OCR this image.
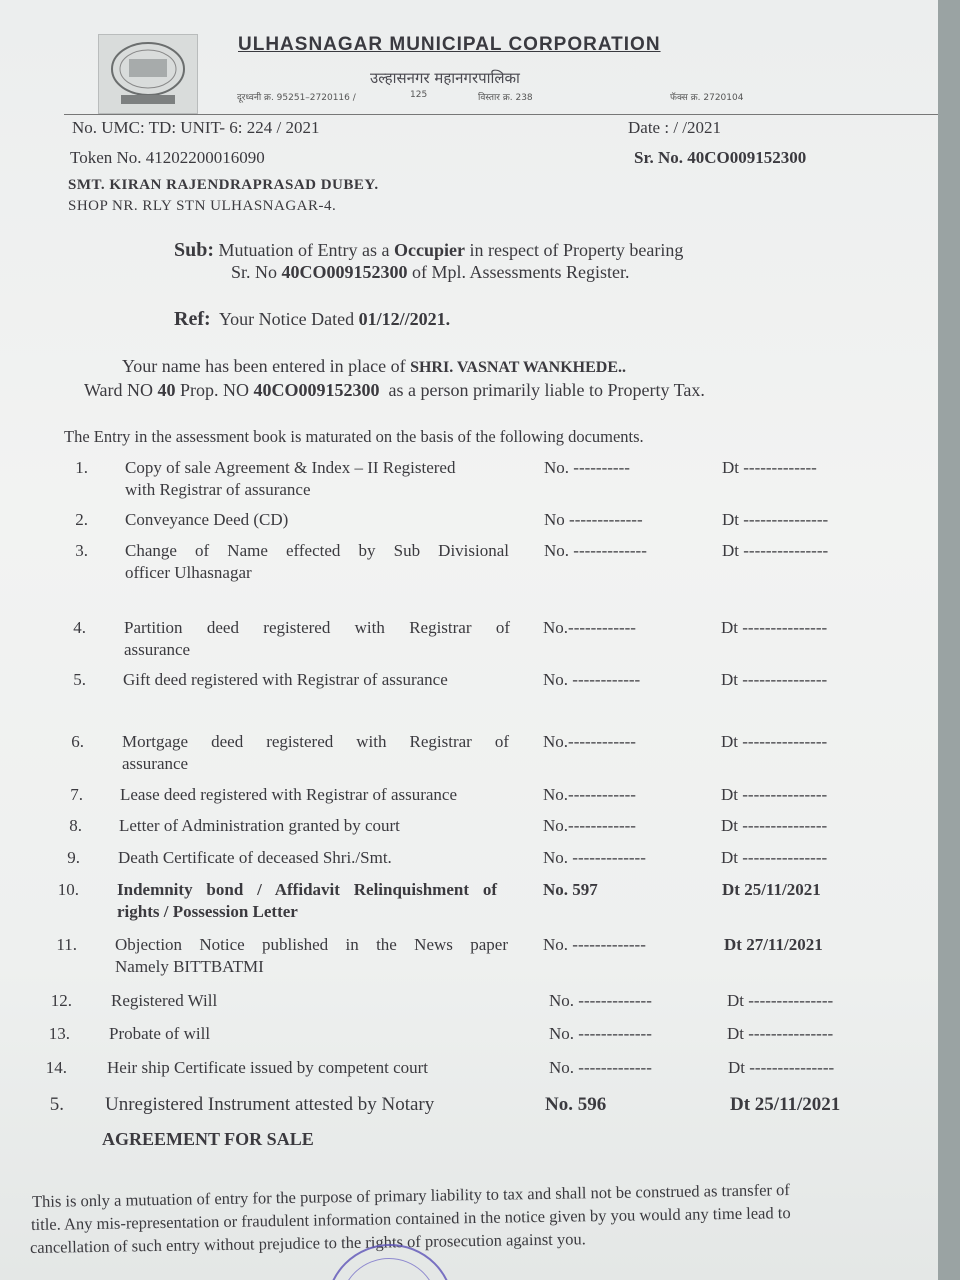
ULHASNAGAR MUNICIPAL CORPORATION
उल्हासनगर महानगरपालिका
दूरध्वनी क्र. 95251–2720116 /	125	विस्तार क्र. 238	फॅक्स क्र. 2720104
No. UMC: TD: UNIT- 6: 224 / 2021	Date : / /2021
Token No. 41202200016090	Sr. No. 40CO009152300
SMT. KIRAN RAJENDRAPRASAD DUBEY.
SHOP NR. RLY STN ULHASNAGAR-4.
Sub: Mutuation of Entry as a Occupier in respect of Property bearing
Sr. No 40CO009152300 of Mpl. Assessments Register.
Ref: Your Notice Dated 01/12//2021.
Your name has been entered in place of SHRI. VASNAT WANKHEDE..
Ward NO 40 Prop. NO 40CO009152300 as a person primarily liable to Property Tax.
The Entry in the assessment book is maturated on the basis of the following documents.
AGREEMENT FOR SALE
This is only a mutuation of entry for the purpose of primary liability to tax and shall not be construed as transfer of
title. Any mis-representation or fraudulent information contained in the notice given by you would any time lead to
cancellation of such entry without prejudice to the rights of prosecution against you.
1. Copy of sale Agreement & Index – II Registered
with Registrar of assurance
No. ----------	Dt -------------
2. Conveyance Deed (CD)	No -------------	Dt ---------------
3. Change of Name effected by Sub Divisional
officer Ulhasnagar
No. -------------	Dt ---------------
4. Partition deed registered with Registrar of
assurance
No.------------	Dt ---------------
5. Gift deed registered with Registrar of assurance	No. ------------	Dt ---------------
6. Mortgage deed registered with Registrar of
assurance
No.------------	Dt ---------------
7. Lease deed registered with Registrar of assurance	No.------------	Dt ---------------
8. Letter of Administration granted by court	No.------------	Dt ---------------
9. Death Certificate of deceased Shri./Smt.	No. -------------	Dt ---------------
10. Indemnity bond / Affidavit Relinquishment of
rights / Possession Letter
No. 597	Dt 25/11/2021
11. Objection Notice published in the News paper
Namely BITTBATMI
No. -------------	Dt 27/11/2021
12. Registered Will	No. -------------	Dt ---------------
13. Probate of will	No. -------------	Dt ---------------
14. Heir ship Certificate issued by competent court	No. -------------	Dt ---------------
5. Unregistered Instrument attested by Notary	No. 596	Dt 25/11/2021
